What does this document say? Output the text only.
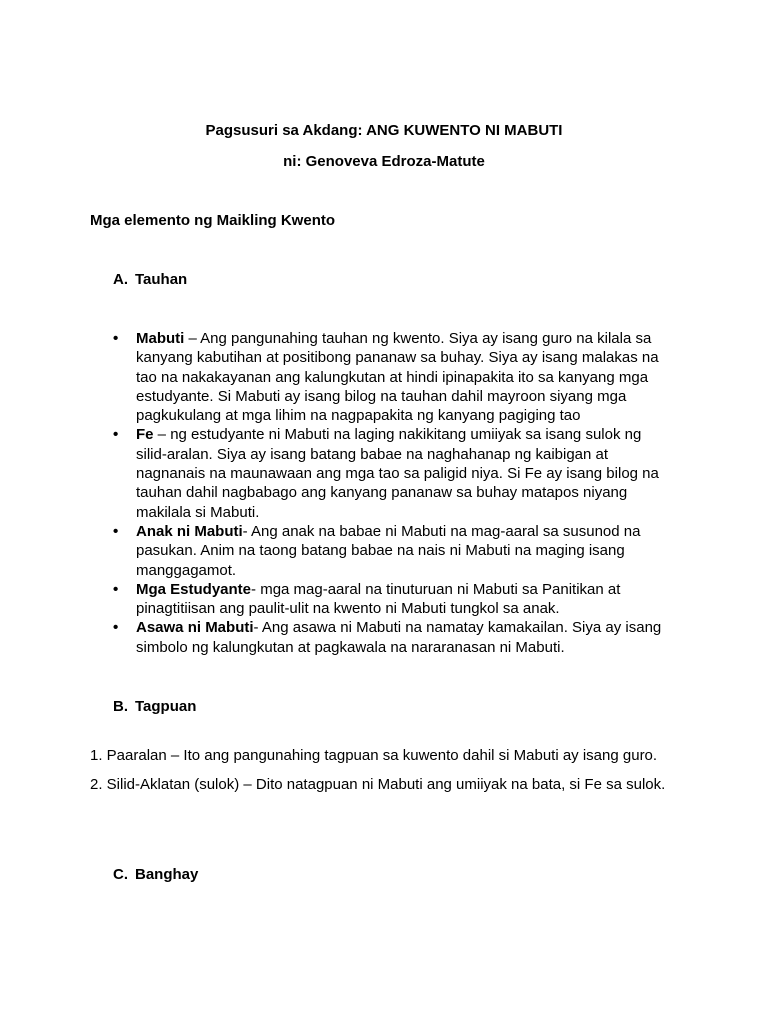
Pagsusuri sa Akdang: ANG KUWENTO NI MABUTI
ni: Genoveva Edroza-Matute
Mga elemento ng Maikling Kwento
A. Tauhan
• Mabuti – Ang pangunahing tauhan ng kwento. Siya ay isang guro na kilala sa kanyang kabutihan at positibong pananaw sa buhay. Siya ay isang malakas na tao na nakakayanan ang kalungkutan at hindi ipinapakita ito sa kanyang mga estudyante. Si Mabuti ay isang bilog na tauhan dahil mayroon siyang mga pagkukulang at mga lihim na nagpapakita ng kanyang pagiging tao
• Fe – ng estudyante ni Mabuti na laging nakikitang umiiyak sa isang sulok ng silid-aralan. Siya ay isang batang babae na naghahanap ng kaibigan at nagnanais na maunawaan ang mga tao sa paligid niya. Si Fe ay isang bilog na tauhan dahil nagbabago ang kanyang pananaw sa buhay matapos niyang makilala si Mabuti.
• Anak ni Mabuti- Ang anak na babae ni Mabuti na mag-aaral sa susunod na pasukan. Anim na taong batang babae na nais ni Mabuti na maging isang manggagamot.
• Mga Estudyante- mga mag-aaral na tinuturuan ni Mabuti sa Panitikan at pinagtitiisan ang paulit-ulit na kwento ni Mabuti tungkol sa anak.
• Asawa ni Mabuti- Ang asawa ni Mabuti na namatay kamakailan. Siya ay isang simbolo ng kalungkutan at pagkawala na nararanasan ni Mabuti.
B. Tagpuan
1. Paaralan – Ito ang pangunahing tagpuan sa kuwento dahil si Mabuti ay isang guro.
2. Silid-Aklatan (sulok) – Dito natagpuan ni Mabuti ang umiiyak na bata, si Fe sa sulok.
C. Banghay
